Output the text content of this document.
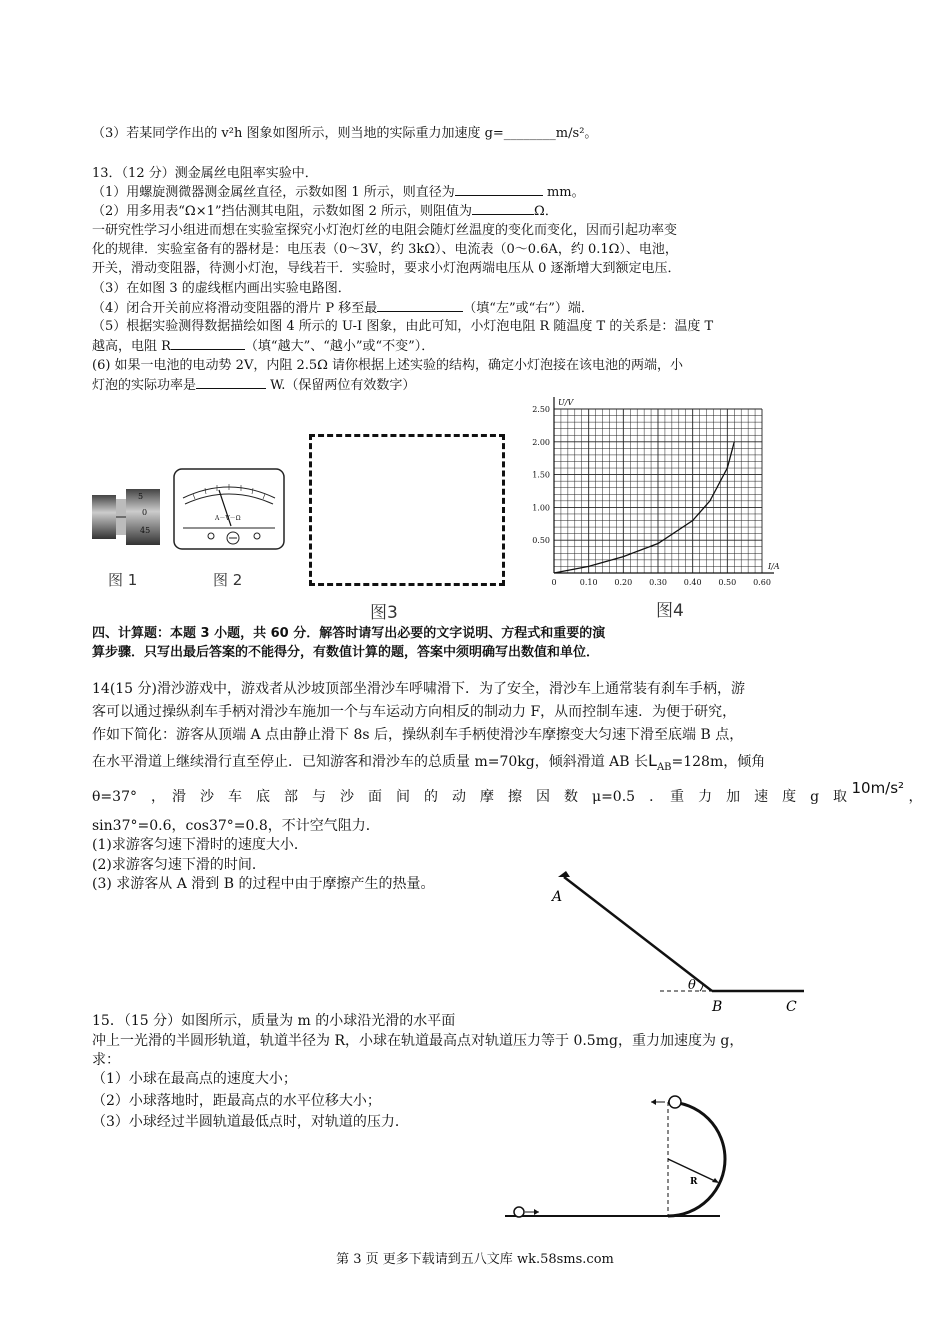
（3）若某同学作出的 v²h 图象如图所示，则当地的实际重力加速度 g=________m/s²。
13．（12 分）测金属丝电阻率实验中．
（1）用螺旋测微器测金属丝直径，示数如图 1 所示，则直径为	mm。
（2）用多用表“Ω×1”挡估测其电阻，示数如图 2 所示，则阻值为	Ω．
一研究性学习小组进而想在实验室探究小灯泡灯丝的电阻会随灯丝温度的变化而变化，因而引起功率变
化的规律．实验室备有的器材是：电压表（0～3V，约 3kΩ）、电流表（0～0.6A，约 0.1Ω）、电池，
开关，滑动变阻器，待测小灯泡，导线若干．实验时，要求小灯泡两端电压从 0 逐渐增大到额定电压．
（3）在如图 3 的虚线框内画出实验电路图．
（4）闭合开关前应将滑动变阻器的滑片 P 移至最	（填“左”或“右”）端．
（5）根据实验测得数据描绘如图 4 所示的 U-I 图象，由此可知，小灯泡电阻 R 随温度 T 的关系是：温度 T
越高，电阻 R	（填“越大”、“越小”或“不变”）．
(6) 如果一电池的电动势 2V，内阻 2.5Ω 请你根据上述实验的结构，确定小灯泡接在该电池的两端，小
灯泡的实际功率是	W.（保留两位有效数字）
5
0
45
图 1
A－V－Ω
图 2
图3
0	0.10 0.20 0.30 0.40 0.50 0.60
0.50
1.00
1.50
2.00
2.50
I/A
U/V
图4
四、计算题：本题 3 小题，共 60 分．解答时请写出必要的文字说明、方程式和重要的演
算步骤．只写出最后答案的不能得分，有数值计算的题，答案中须明确写出数值和单位．
14(15 分)滑沙游戏中，游戏者从沙坡顶部坐滑沙车呼啸滑下．为了安全，滑沙车上通常装有刹车手柄，游
客可以通过操纵刹车手柄对滑沙车施加一个与车运动方向相反的制动力 F，从而控制车速．为便于研究，
作如下简化：游客从顶端 A 点由静止滑下 8s 后，操纵刹车手柄使滑沙车摩擦变大匀速下滑至底端 B 点，
在水平滑道上继续滑行直至停止．已知游客和滑沙车的总质量 m=70kg，倾斜滑道 AB 长$L_{AB}=128m$，倾角
θ=37°　，　滑　沙　车　底　部　与　沙　面　间　的　动　摩　擦　因　数　μ=0.5　．　重　力　加　速　度　g　取 10m/s² ，
sin37°=0.6，cos37°=0.8，不计空气阻力．
(1)求游客匀速下滑时的速度大小．
(2)求游客匀速下滑的时间．
(3) 求游客从 A 滑到 B 的过程中由于摩擦产生的热量。
A
θ
B	C
15．（15 分）如图所示，质量为 m 的小球沿光滑的水平面
冲上一光滑的半圆形轨道，轨道半径为 R，小球在轨道最高点对轨道压力等于 0.5mg，重力加速度为 g，
求：
（1）小球在最高点的速度大小；
（2）小球落地时，距最高点的水平位移大小；
（3）小球经过半圆轨道最低点时，对轨道的压力．
R
第 3 页 更多下载请到五八文库 wk.58sms.com
